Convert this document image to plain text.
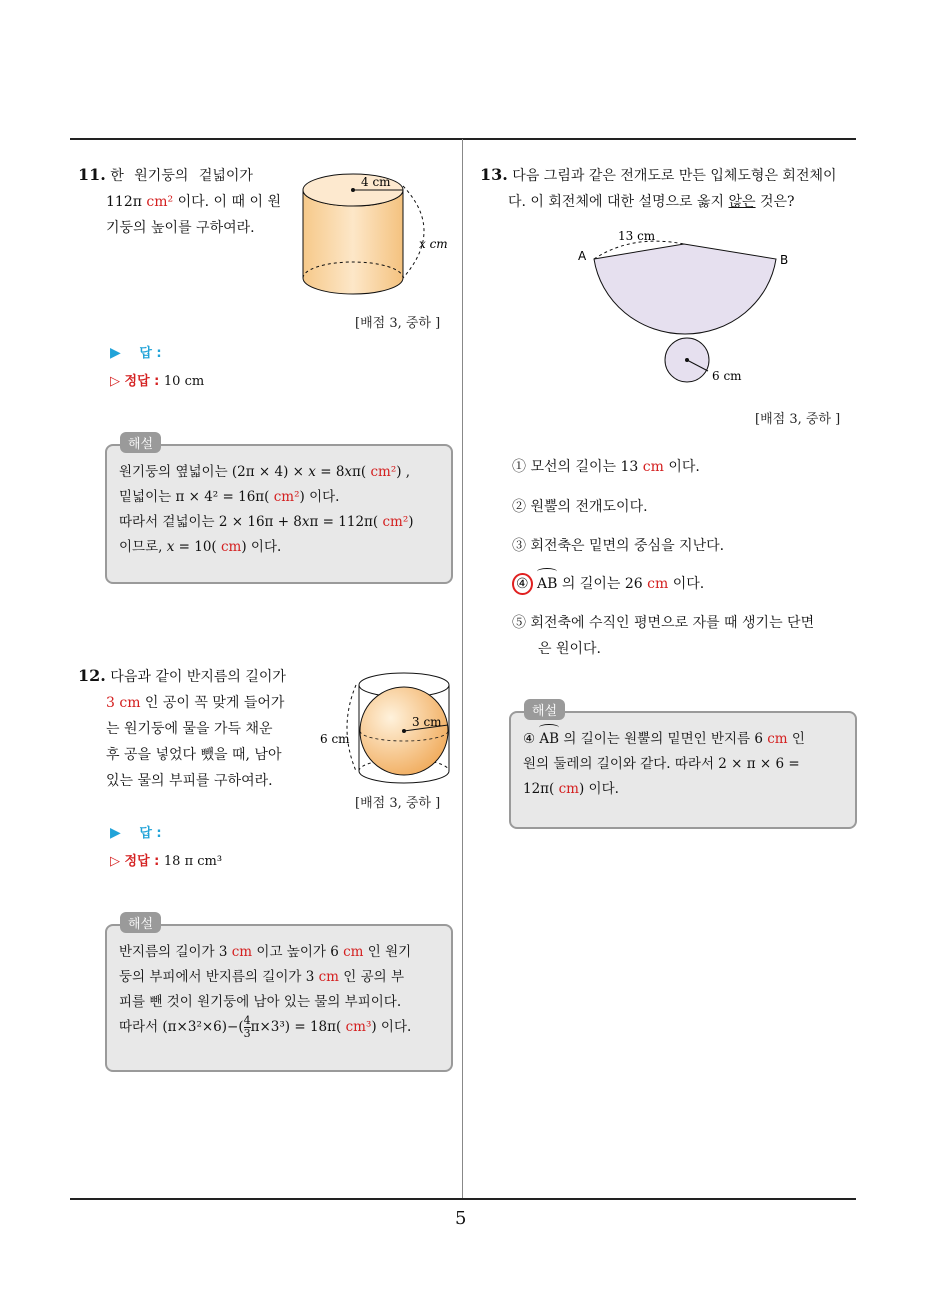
5
11. 한 원기둥의 겉넓이가
112π cm² 이다. 이 때 이 원
기둥의 높이를 구하여라.
4 cm
x cm
[배점 3, 중하 ]
▶ 답 :
▷ 정답 : 10 cm
해설
원기둥의 옆넓이는 (2π × 4) × x = 8xπ( cm²) ,
밑넓이는 π × 4² = 16π( cm²) 이다.
따라서 겉넓이는 2 × 16π + 8xπ = 112π( cm²)
이므로, x = 10( cm) 이다.
12. 다음과 같이 반지름의 길이가
3 cm 인 공이 꼭 맞게 들어가
는 원기둥에 물을 가득 채운
후 공을 넣었다 뺐을 때, 남아
있는 물의 부피를 구하여라.
3 cm
6 cm
[배점 3, 중하 ]
▶ 답 :
▷ 정답 : 18 π cm³
해설
반지름의 길이가 3 cm 이고 높이가 6 cm 인 원기
둥의 부피에서 반지름의 길이가 3 cm 인 공의 부
피를 뺀 것이 원기둥에 남아 있는 물의 부피이다.
따라서 $(\pi\times 3^2\times 6)-( \frac{4}{3} \pi\times 3^3) = 18\pi$( cm³) 이다.
13. 다음 그림과 같은 전개도로 만든 입체도형은 회전체이
다. 이 회전체에 대한 설명으로 옳지 않은 것은?
13 cm
A	B
6 cm
[배점 3, 중하 ]
① 모선의 길이는 13 cm 이다.
② 원뿔의 전개도이다.
③ 회전축은 밑면의 중심을 지난다.
④ AB 의 길이는 26 cm 이다.
⑤ 회전축에 수직인 평면으로 자를 때 생기는 단면
은 원이다.
해설
④ AB 의 길이는 원뿔의 밑면인 반지름 6 cm 인
원의 둘레의 길이와 같다. 따라서 2 × π × 6 =
12π( cm) 이다.
